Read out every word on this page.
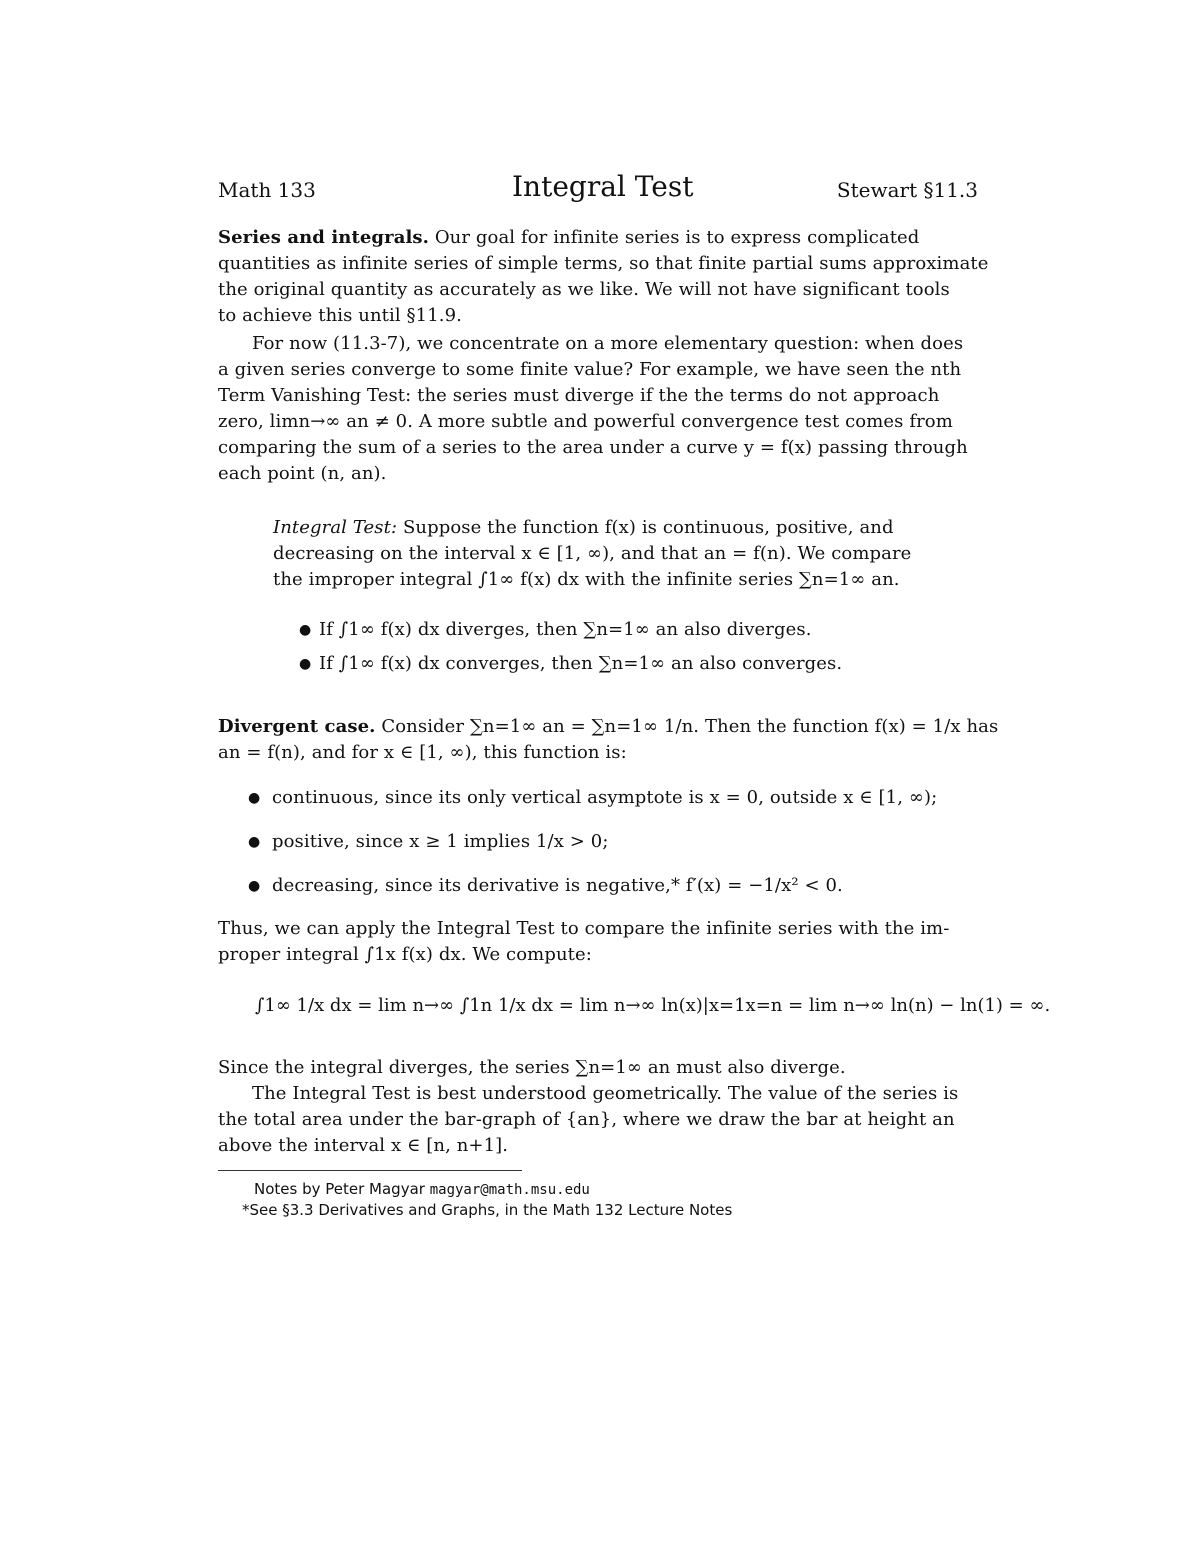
Math 133	Integral Test	Stewart §11.3
Series and integrals. Our goal for infinite series is to express complicated
quantities as infinite series of simple terms, so that finite partial sums approximate
the original quantity as accurately as we like. We will not have significant tools
to achieve this until §11.9.
For now (11.3-7), we concentrate on a more elementary question: when does
a given series converge to some finite value? For example, we have seen the nth
Term Vanishing Test: the series must diverge if the the terms do not approach
zero, limn→∞ an ≠ 0. A more subtle and powerful convergence test comes from
comparing the sum of a series to the area under a curve y = f(x) passing through
each point (n, an).
Integral Test: Suppose the function f(x) is continuous, positive, and
decreasing on the interval x ∈ [1, ∞), and that an = f(n). We compare
the improper integral ∫1∞ f(x) dx with the infinite series ∑n=1∞ an.
● If ∫1∞ f(x) dx diverges, then ∑n=1∞ an also diverges.
● If ∫1∞ f(x) dx converges, then ∑n=1∞ an also converges.
Divergent case. Consider ∑n=1∞ an = ∑n=1∞ 1/n. Then the function f(x) = 1/x has
an = f(n), and for x ∈ [1, ∞), this function is:
● continuous, since its only vertical asymptote is x = 0, outside x ∈ [1, ∞);
● positive, since x ≥ 1 implies 1/x > 0;
● decreasing, since its derivative is negative,* f′(x) = −1/x² < 0.
Thus, we can apply the Integral Test to compare the infinite series with the im-
proper integral ∫1x f(x) dx. We compute:
∫1∞ 1/x dx = lim n→∞ ∫1n 1/x dx = lim n→∞ ln(x)|x=1x=n = lim n→∞ ln(n) − ln(1) = ∞.
Since the integral diverges, the series ∑n=1∞ an must also diverge.
The Integral Test is best understood geometrically. The value of the series is
the total area under the bar-graph of {an}, where we draw the bar at height an
above the interval x ∈ [n, n+1].
Notes by Peter Magyar magyar@math.msu.edu
*See §3.3 Derivatives and Graphs, in the Math 132 Lecture Notes
